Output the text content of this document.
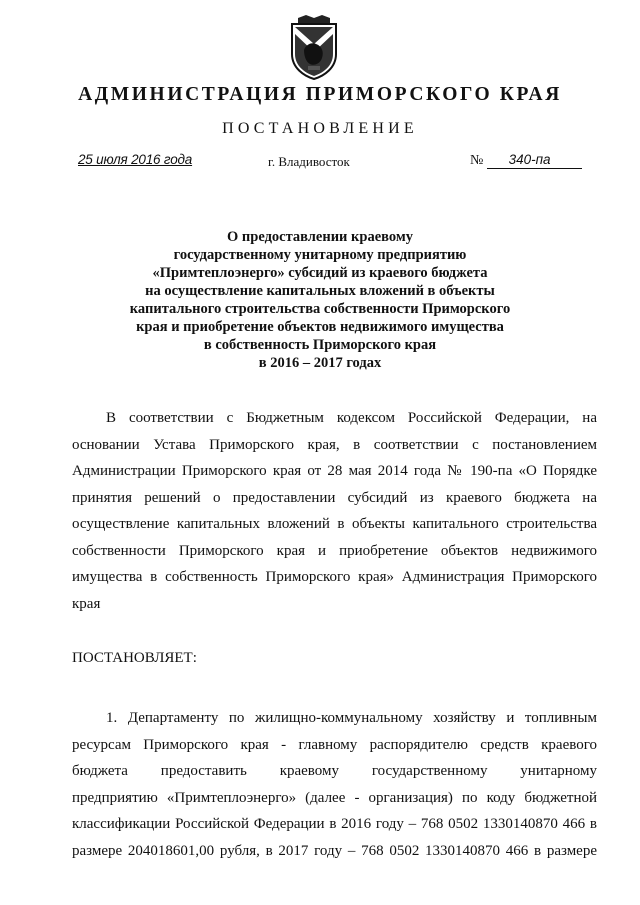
АДМИНИСТРАЦИЯ ПРИМОРСКОГО КРАЯ
ПОСТАНОВЛЕНИЕ
25 июля 2016 года	г. Владивосток	№ 340-па
О предоставлении краевому
государственному унитарному предприятию
«Примтеплоэнерго» субсидий из краевого бюджета
на осуществление капитальных вложений в объекты
капитального строительства собственности Приморского
края и приобретение объектов недвижимого имущества
в собственность Приморского края
в 2016 – 2017 годах
В соответствии с Бюджетным кодексом Российской Федерации, на
основании Устава Приморского края, в соответствии с постановлением
Администрации Приморского края от 28 мая 2014 года № 190-па «О Порядке
принятия решений о предоставлении субсидий из краевого бюджета на
осуществление капитальных вложений в объекты капитального строительства
собственности Приморского края и приобретение объектов недвижимого
имущества в собственность Приморского края» Администрация Приморского
края
ПОСТАНОВЛЯЕТ:
1. Департаменту по жилищно-коммунальному хозяйству и топливным
ресурсам Приморского края - главному распорядителю средств краевого
бюджета предоставить краевому государственному унитарному
предприятию «Примтеплоэнерго» (далее - организация) по коду бюджетной
классификации Российской Федерации в 2016 году – 768 0502 1330140870 466 в
размере 204018601,00 рубля, в 2017 году – 768 0502 1330140870 466 в размере
